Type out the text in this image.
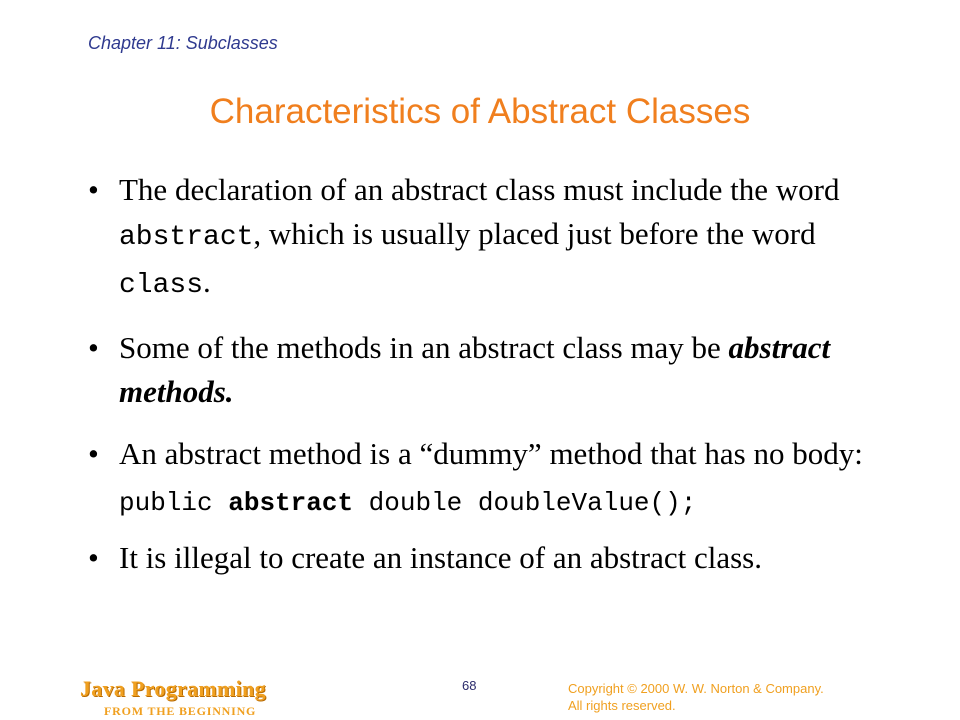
Chapter 11: Subclasses
Characteristics of Abstract Classes
• The declaration of an abstract class must include the word abstract, which is usually placed just before the word class.
• Some of the methods in an abstract class may be abstract methods.
• An abstract method is a “dummy” method that has no body:
public abstract double doubleValue();
• It is illegal to create an instance of an abstract class.
Java Programming
FROM THE BEGINNING
68	Copyright © 2000 W. W. Norton & Company.
All rights reserved.
